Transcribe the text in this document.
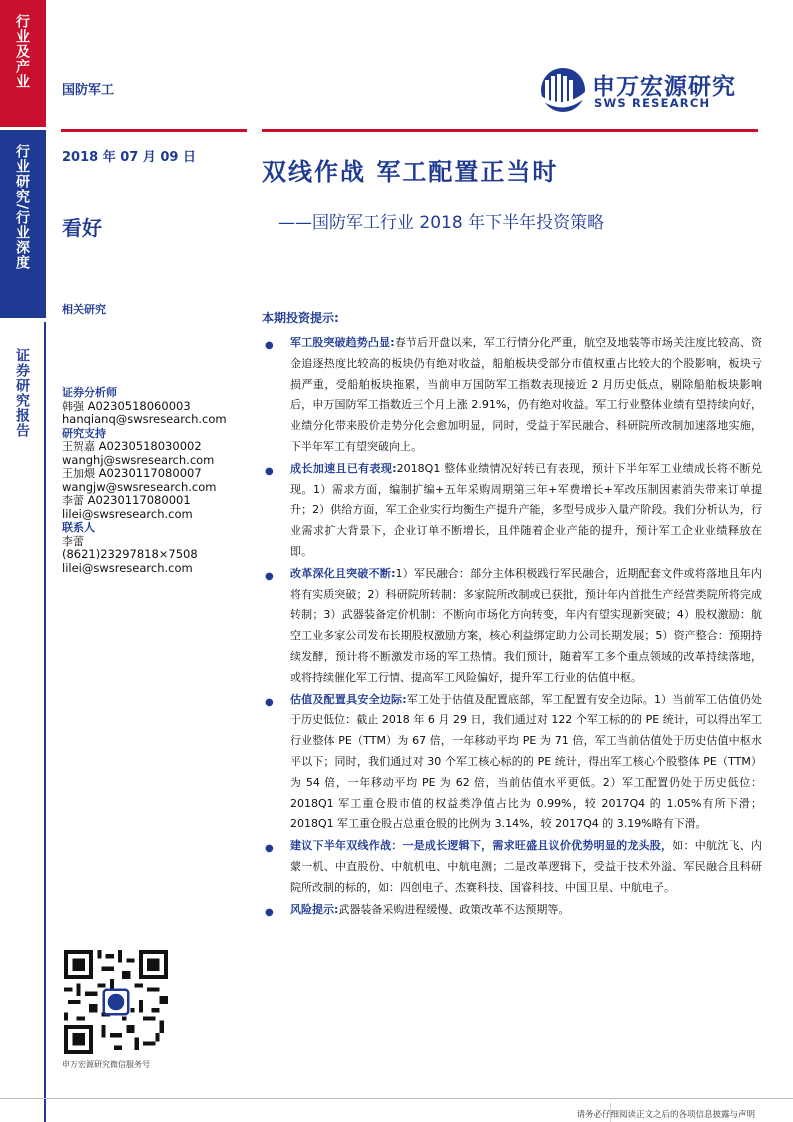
行业及产业
行业研究/行业深度
证券研究报告
国防军工	申万宏源研究
SWS RESEARCH
2018 年 07 月 09 日
看好
相关研究
双线作战 军工配置正当时
——国防军工行业 2018 年下半年投资策略
证券分析师
韩强 A0230518060003
hanqianq@swsresearch.com
研究支持
王贺嘉 A0230518030002
wanghj@swsresearch.com
王加煨 A0230117080007
wangjw@swsresearch.com
李蕾 A0230117080001
lilei@swsresearch.com
联系人
李蕾
(8621)23297818×7508
lilei@swsresearch.com
本期投资提示:
● 军工股突破趋势凸显:春节后开盘以来，军工行情分化严重，航空及地装等市场关注度比较高、资金追逐热度比较高的板块仍有绝对收益，船舶板块受部分市值权重占比较大的个股影响，板块亏损严重，受船舶板块拖累，当前申万国防军工指数表现接近 2 月历史低点，剔除船舶板块影响后，申万国防军工指数近三个月上涨 2.91%，仍有绝对收益。军工行业整体业绩有望持续向好，业绩分化带来股价走势分化会愈加明显，同时，受益于军民融合、科研院所改制加速落地实施，下半年军工有望突破向上。
● 成长加速且已有表现:2018Q1 整体业绩情况好转已有表现，预计下半年军工业绩成长将不断兑现。1）需求方面，编制扩编+五年采购周期第三年+军费增长+军改压制因素消失带来订单提升；2）供给方面，军工企业实行均衡生产提升产能，多型号成步入量产阶段。我们分析认为，行业需求扩大背景下，企业订单不断增长，且伴随着企业产能的提升，预计军工企业业绩释放在即。
● 改革深化且突破不断:1）军民融合：部分主体积极践行军民融合，近期配套文件或将落地且年内将有实质突破；2）科研院所转制：多家院所改制或已获批，预计年内首批生产经营类院所将完成转制；3）武器装备定价机制：不断向市场化方向转变，年内有望实现新突破；4）股权激励：航空工业多家公司发布长期股权激励方案，核心利益绑定助力公司长期发展；5）资产整合：预期持续发酵，预计将不断激发市场的军工热情。我们预计，随着军工多个重点领域的改革持续落地，或将持续催化军工行情、提高军工风险偏好，提升军工行业的估值中枢。
● 估值及配置具安全边际:军工处于估值及配置底部，军工配置有安全边际。1）当前军工估值仍处于历史低位：截止 2018 年 6 月 29 日，我们通过对 122 个军工标的的 PE 统计，可以得出军工行业整体 PE（TTM）为 67 倍，一年移动平均 PE 为 71 倍，军工当前估值处于历史估值中枢水平以下；同时，我们通过对 30 个军工核心标的的 PE 统计，得出军工核心个股整体 PE（TTM）为 54 倍，一年移动平均 PE 为 62 倍，当前估值水平更低。2）军工配置仍处于历史低位：2018Q1 军工重仓股市值的权益类净值占比为 0.99%，较 2017Q4 的 1.05%有所下滑；2018Q1 军工重仓股占总重仓股的比例为 3.14%，较 2017Q4 的 3.19%略有下滑。
● 建议下半年双线作战：一是成长逻辑下，需求旺盛且议价优势明显的龙头股，如：中航沈飞、内蒙一机、中直股份、中航机电、中航电测；二是改革逻辑下，受益于技术外溢、军民融合且科研院所改制的标的，如：四创电子、杰赛科技、国睿科技、中国卫星、中航电子。
● 风险提示:武器装备采购进程缓慢、政策改革不达预期等。
申万宏源研究微信服务号
请务必仔细阅读正文之后的各项信息披露与声明
